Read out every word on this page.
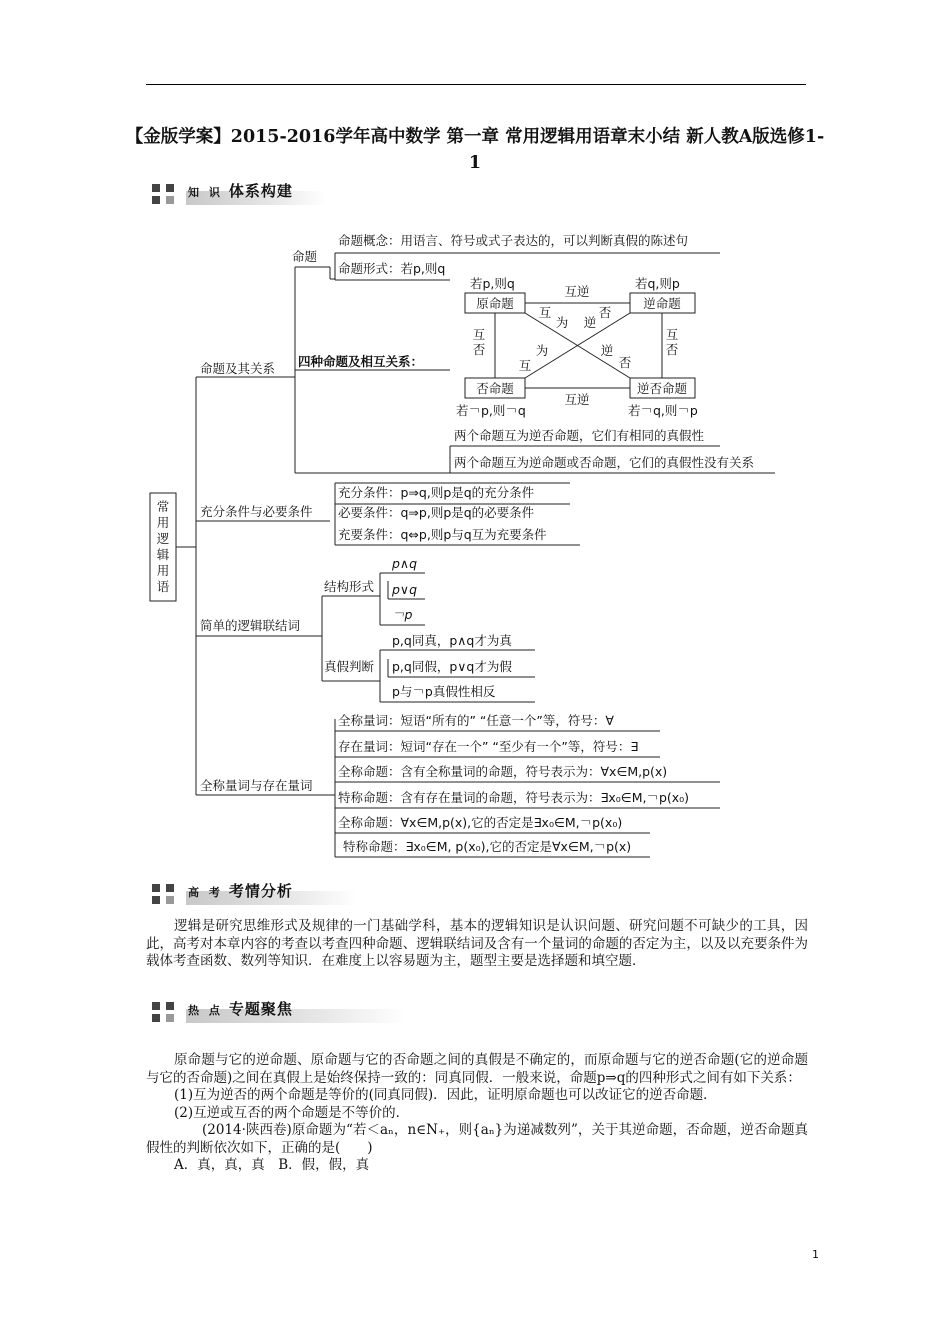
【金版学案】2015-2016学年高中数学 第一章 常用逻辑用语章末小结 新人教A版选修1-1
知 识 体系构建
常用逻辑用语
命题及其关系
命题
命题概念：用语言、符号或式子表达的，可以判断真假的陈述句
命题形式：若p,则q
四种命题及相互关系：
若p,则q	若q,则p
原命题	逆命题
否命题	逆否命题
若￢p,则￢q	若￢q,则￢p
互逆
互逆
互
否
互
否
互
为 逆
否
互
为	逆
否
两个命题互为逆否命题，它们有相同的真假性
两个命题互为逆命题或否命题，它们的真假性没有关系
充分条件与必要条件
充分条件：p⇒q,则p是q的充分条件
必要条件：q⇒p,则p是q的必要条件
充要条件：q⇔p,则p与q互为充要条件
简单的逻辑联结词
结构形式
p∧q
p∨q
￢p
真假判断
p,q同真，p∧q才为真
p,q同假，p∨q才为假
p与￢p真假性相反
全称量词与存在量词
全称量词：短语“所有的” “任意一个”等，符号：∀
存在量词：短词“存在一个” “至少有一个”等，符号：∃
全称命题：含有全称量词的命题，符号表示为：∀x∈M,p(x)
特称命题：含有存在量词的命题，符号表示为：∃x₀∈M,￢p(x₀)
全称命题：∀x∈M,p(x),它的否定是∃x₀∈M,￢p(x₀)
特称命题：∃x₀∈M, p(x₀),它的否定是∀x∈M,￢p(x)
高 考 考情分析

逻辑是研究思维形式及规律的一门基础学科，基本的逻辑知识是认识问题、研究问题不可缺少的工具，因此，高考对本章内容的考查以考查四种命题、逻辑联结词及含有一个量词的命题的否定为主，以及以充要条件为载体考查函数、数列等知识．在难度上以容易题为主，题型主要是选择题和填空题．

热 点 专题聚焦

原命题与它的逆命题、原命题与它的否命题之间的真假是不确定的，而原命题与它的逆否命题(它的逆命题与它的否命题)之间在真假上是始终保持一致的：同真同假．一般来说，命题p⇒q的四种形式之间有如下关系：

(1)互为逆否的两个命题是等价的(同真同假)．因此，证明原命题也可以改证它的逆否命题．

(2)互逆或互否的两个命题是不等价的．

(2014·陕西卷)原命题为“若＜aₙ，n∈N₊，则{aₙ}为递减数列”，关于其逆命题，否命题，逆否命题真假性的判断依次如下，正确的是(　　)

A．真，真，真　B．假，假，真

1
